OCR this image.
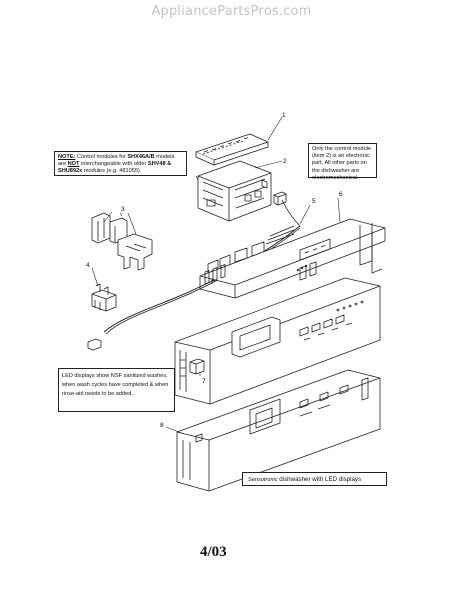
AppliancePartsPros.com
1
2
3
4
5
6
7
8
NOTE: Control modules for SHX46A/B models are NOT interchangeable with older SHV48 & SHU892x modules (e.g. 481055).
Only the control module (item 2) is an electronic part. All other parts on the dishwasher are electromechanical.
LED displays show NSF sanitized washes, when wash cycles have completed & when rinse-aid needs to be added.
Sensotronic dishwasher with LED displays
4/03
